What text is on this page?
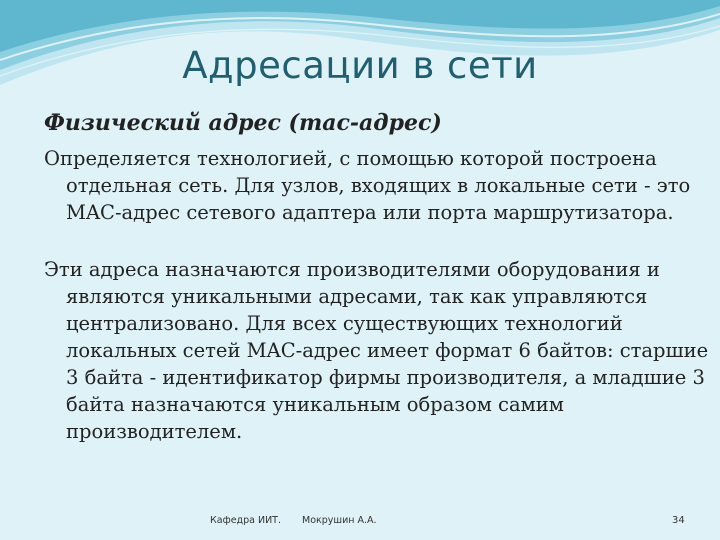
Адресации в сети

Физический адрес (mac-адрес)

Определяется технологией, с помощью которой построена отдельная сеть. Для узлов, входящих в локальные сети - это MAC-адрес сетевого адаптера или порта маршрутизатора.

Эти адреса назначаются производителями оборудования и являются уникальными адресами, так как управляются централизовано. Для всех существующих технологий локальных сетей MAC-адрес имеет формат 6 байтов: старшие 3 байта - идентификатор фирмы производителя, а младшие 3 байта назначаются уникальным образом самим производителем.

Кафедра ИИТ. Мокрушин А.А.	34
